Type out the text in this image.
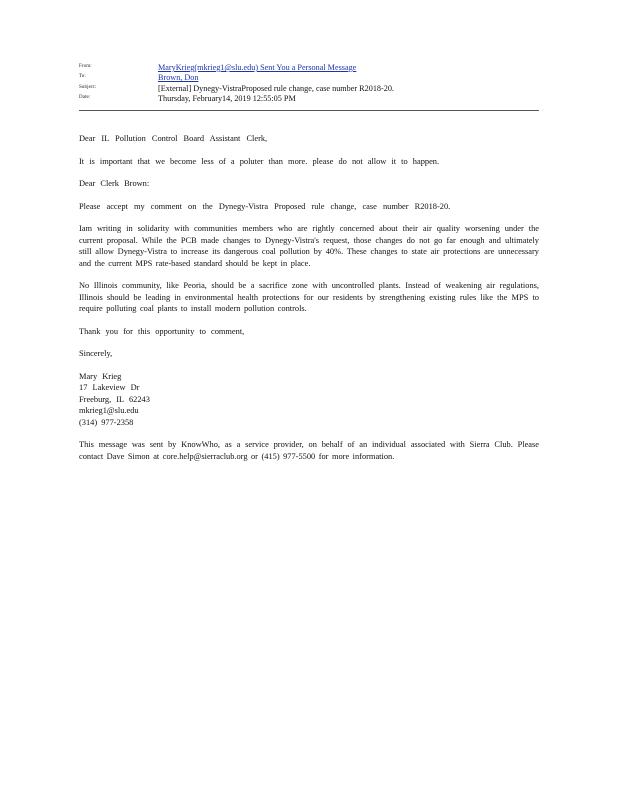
From:	MaryKrieg(mkrieg1@slu.edu) Sent You a Personal Message
To:	Brown, Don
Subject:	[External] Dynegy-VistraProposed rule change, case number R2018-20.
Date:	Thursday, February14, 2019 12:55:05 PM

Dear IL Pollution Control Board Assistant Clerk,

It is important that we become less of a poluter than more. please do not allow it to happen.

Dear Clerk Brown:

Please accept my comment on the Dynegy-Vistra Proposed rule change, case number R2018-20.

Iam writing in solidarity with communities members who are rightly concerned about their air quality worsening under the current proposal. While the PCB made changes to Dynegy-Vistra's request, those changes do not go far enough and ultimately still allow Dynegy-Vistra to increase its dangerous coal pollution by 40%. These changes to state air protections are unnecessary and the current MPS rate-based standard should be kept in place.

No Illinois community, like Peoria, should be a sacrifice zone with uncontrolled plants. Instead of weakening air regulations, Illinois should be leading in environmental health protections for our residents by strengthening existing rules like the MPS to require polluting coal plants to install modern pollution controls.

Thank you for this opportunity to comment,

Sincerely,

Mary Krieg

17 Lakeview Dr

Freeburg, IL 62243

mkrieg1@slu.edu

(314) 977-2358

This message was sent by KnowWho, as a service provider, on behalf of an individual associated with Sierra Club. Please contact Dave Simon at core.help@sierraclub.org or (415) 977-5500 for more information.
